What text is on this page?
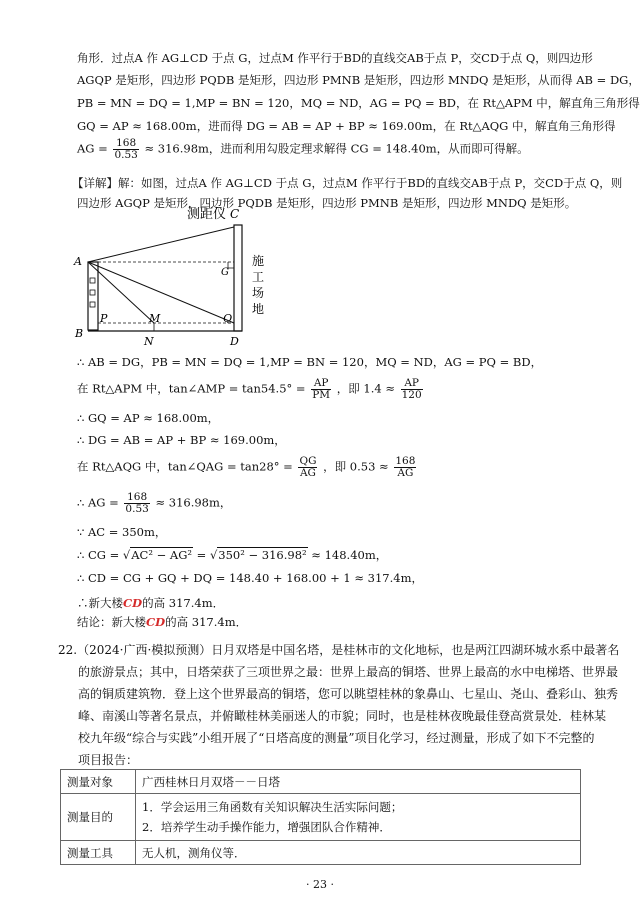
角形．过点A 作 AG⊥CD 于点 G，过点M 作平行于BD的直线交AB于点 P，交CD于点 Q，则四边形
AGQP 是矩形，四边形 PQDB 是矩形，四边形 PMNB 是矩形，四边形 MNDQ 是矩形，从而得 AB = DG，
PB = MN = DQ = 1,MP = BN = 120，MQ = ND，AG = PQ = BD，在 Rt△APM 中，解直角三角形得
GQ = AP ≈ 168.00m，进而得 DG = AB = AP + BP ≈ 169.00m，在 Rt△AQG 中，解直角三角形得
AG = $\frac{168}{0.53} \approx 316.98m$，进而利用勾股定理求解得 CG = 148.40m，从而即可得解。
【详解】解：如图，过点A 作 AG⊥CD 于点 G，过点M 作平行于BD的直线交AB于点 P，交CD于点 Q，则
四边形 AGQP 是矩形，四边形 PQDB 是矩形，四边形 PMNB 是矩形，四边形 MNDQ 是矩形。
测距仪 C
A
B
G
P	M	Q
N	D
施
工
场
地
∴ AB = DG，PB = MN = DQ = 1,MP = BN = 120，MQ = ND，AG = PQ = BD，
在 Rt△APM 中，tan∠AMP = $\tan 54.5^\circ = \frac{AP}{PM}$ ，即 $1.4 \approx \frac{AP}{120}$
∴ GQ = AP ≈ 168.00m，
∴ DG = AB = AP + BP ≈ 169.00m，
在 Rt△AQG 中，tan∠QAG = $\tan 28^\circ = \frac{QG}{AG}$ ，即 $0.53 \approx \frac{168}{AG}$
∴ AG = $\frac{168}{0.53} \approx 316.98m$，
∵ AC = 350m，
∴ CG = √AC² − AG² = √350² − 316.98² ≈ 148.40m，
∴ CD = CG + GQ + DQ = 148.40 + 168.00 + 1 ≈ 317.4m，
∴新大楼CD的高 317.4m．
结论：新大楼CD的高 317.4m．
22.（2024·广西·模拟预测）日月双塔是中国名塔，是桂林市的文化地标，也是两江四湖环城水系中最著名
的旅游景点；其中，日塔荣获了三项世界之最：世界上最高的铜塔、世界上最高的水中电梯塔、世界最
高的铜质建筑物．登上这个世界最高的铜塔，您可以眺望桂林的象鼻山、七星山、尧山、叠彩山、独秀
峰、南溪山等著名景点，并俯瞰桂林美丽迷人的市貌；同时，也是桂林夜晚最佳登高赏景处．桂林某
校九年级“综合与实践”小组开展了“日塔高度的测量”项目化学习，经过测量，形成了如下不完整的
项目报告：
测量对象	广西桂林日月双塔－－日塔
测量目的	1．学会运用三角函数有关知识解决生活实际问题；
2．培养学生动手操作能力，增强团队合作精神．

测量工具	无人机，测角仪等．
· 23 ·
